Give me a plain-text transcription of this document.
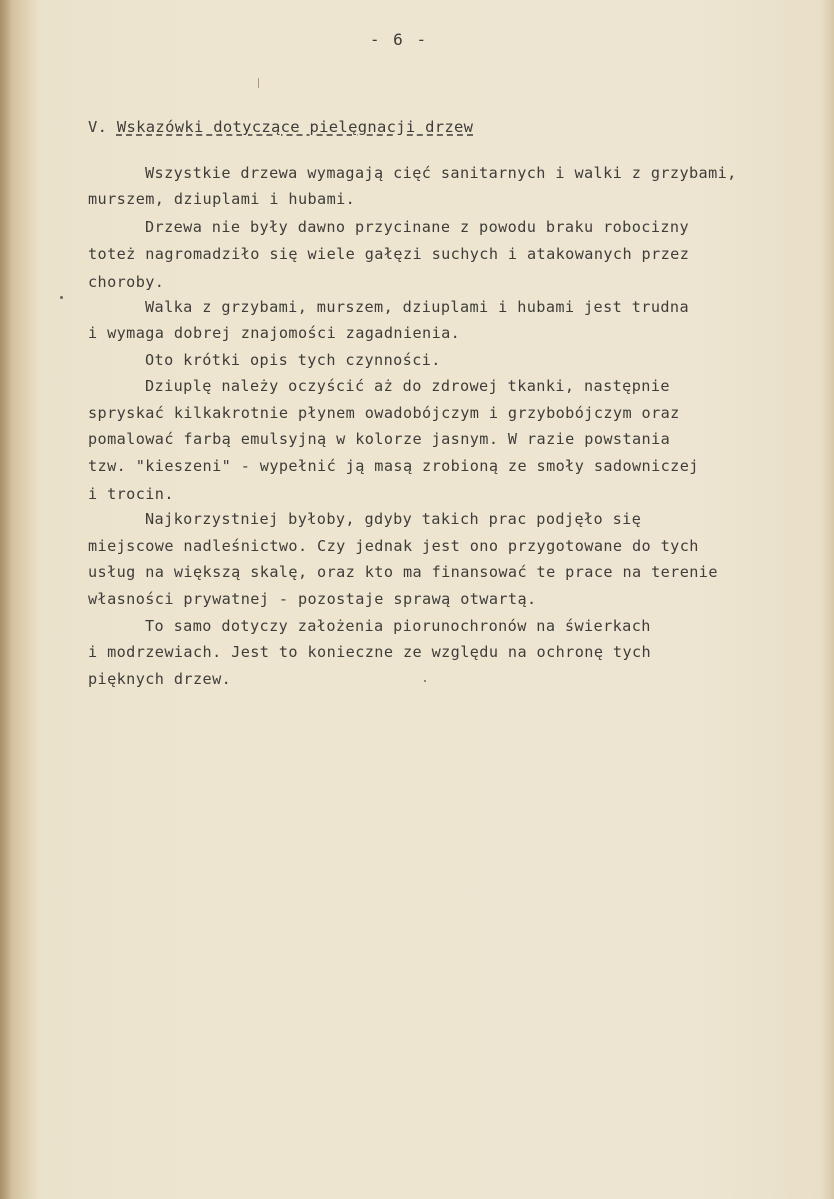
- 6 -
V. Wskazówki dotyczące pielęgnacji drzew
Wszystkie drzewa wymagają cięć sanitarnych i walki z grzybami,
murszem, dziuplami i hubami.
Drzewa nie były dawno przycinane z powodu braku robocizny
toteż nagromadziło się wiele gałęzi suchych i atakowanych przez
choroby.
Walka z grzybami, murszem, dziuplami i hubami jest trudna
i wymaga dobrej znajomości zagadnienia.
Oto krótki opis tych czynności.
Dziuplę należy oczyścić aż do zdrowej tkanki, następnie
spryskać kilkakrotnie płynem owadobójczym i grzybobójczym oraz
pomalować farbą emulsyjną w kolorze jasnym. W razie powstania
tzw. "kieszeni" - wypełnić ją masą zrobioną ze smoły sadowniczej
i trocin.
Najkorzystniej byłoby, gdyby takich prac podjęło się
miejscowe nadleśnictwo. Czy jednak jest ono przygotowane do tych
usług na większą skalę, oraz kto ma finansować te prace na terenie
własności prywatnej - pozostaje sprawą otwartą.
To samo dotyczy założenia piorunochronów na świerkach
i modrzewiach. Jest to konieczne ze względu na ochronę tych
pięknych drzew.
